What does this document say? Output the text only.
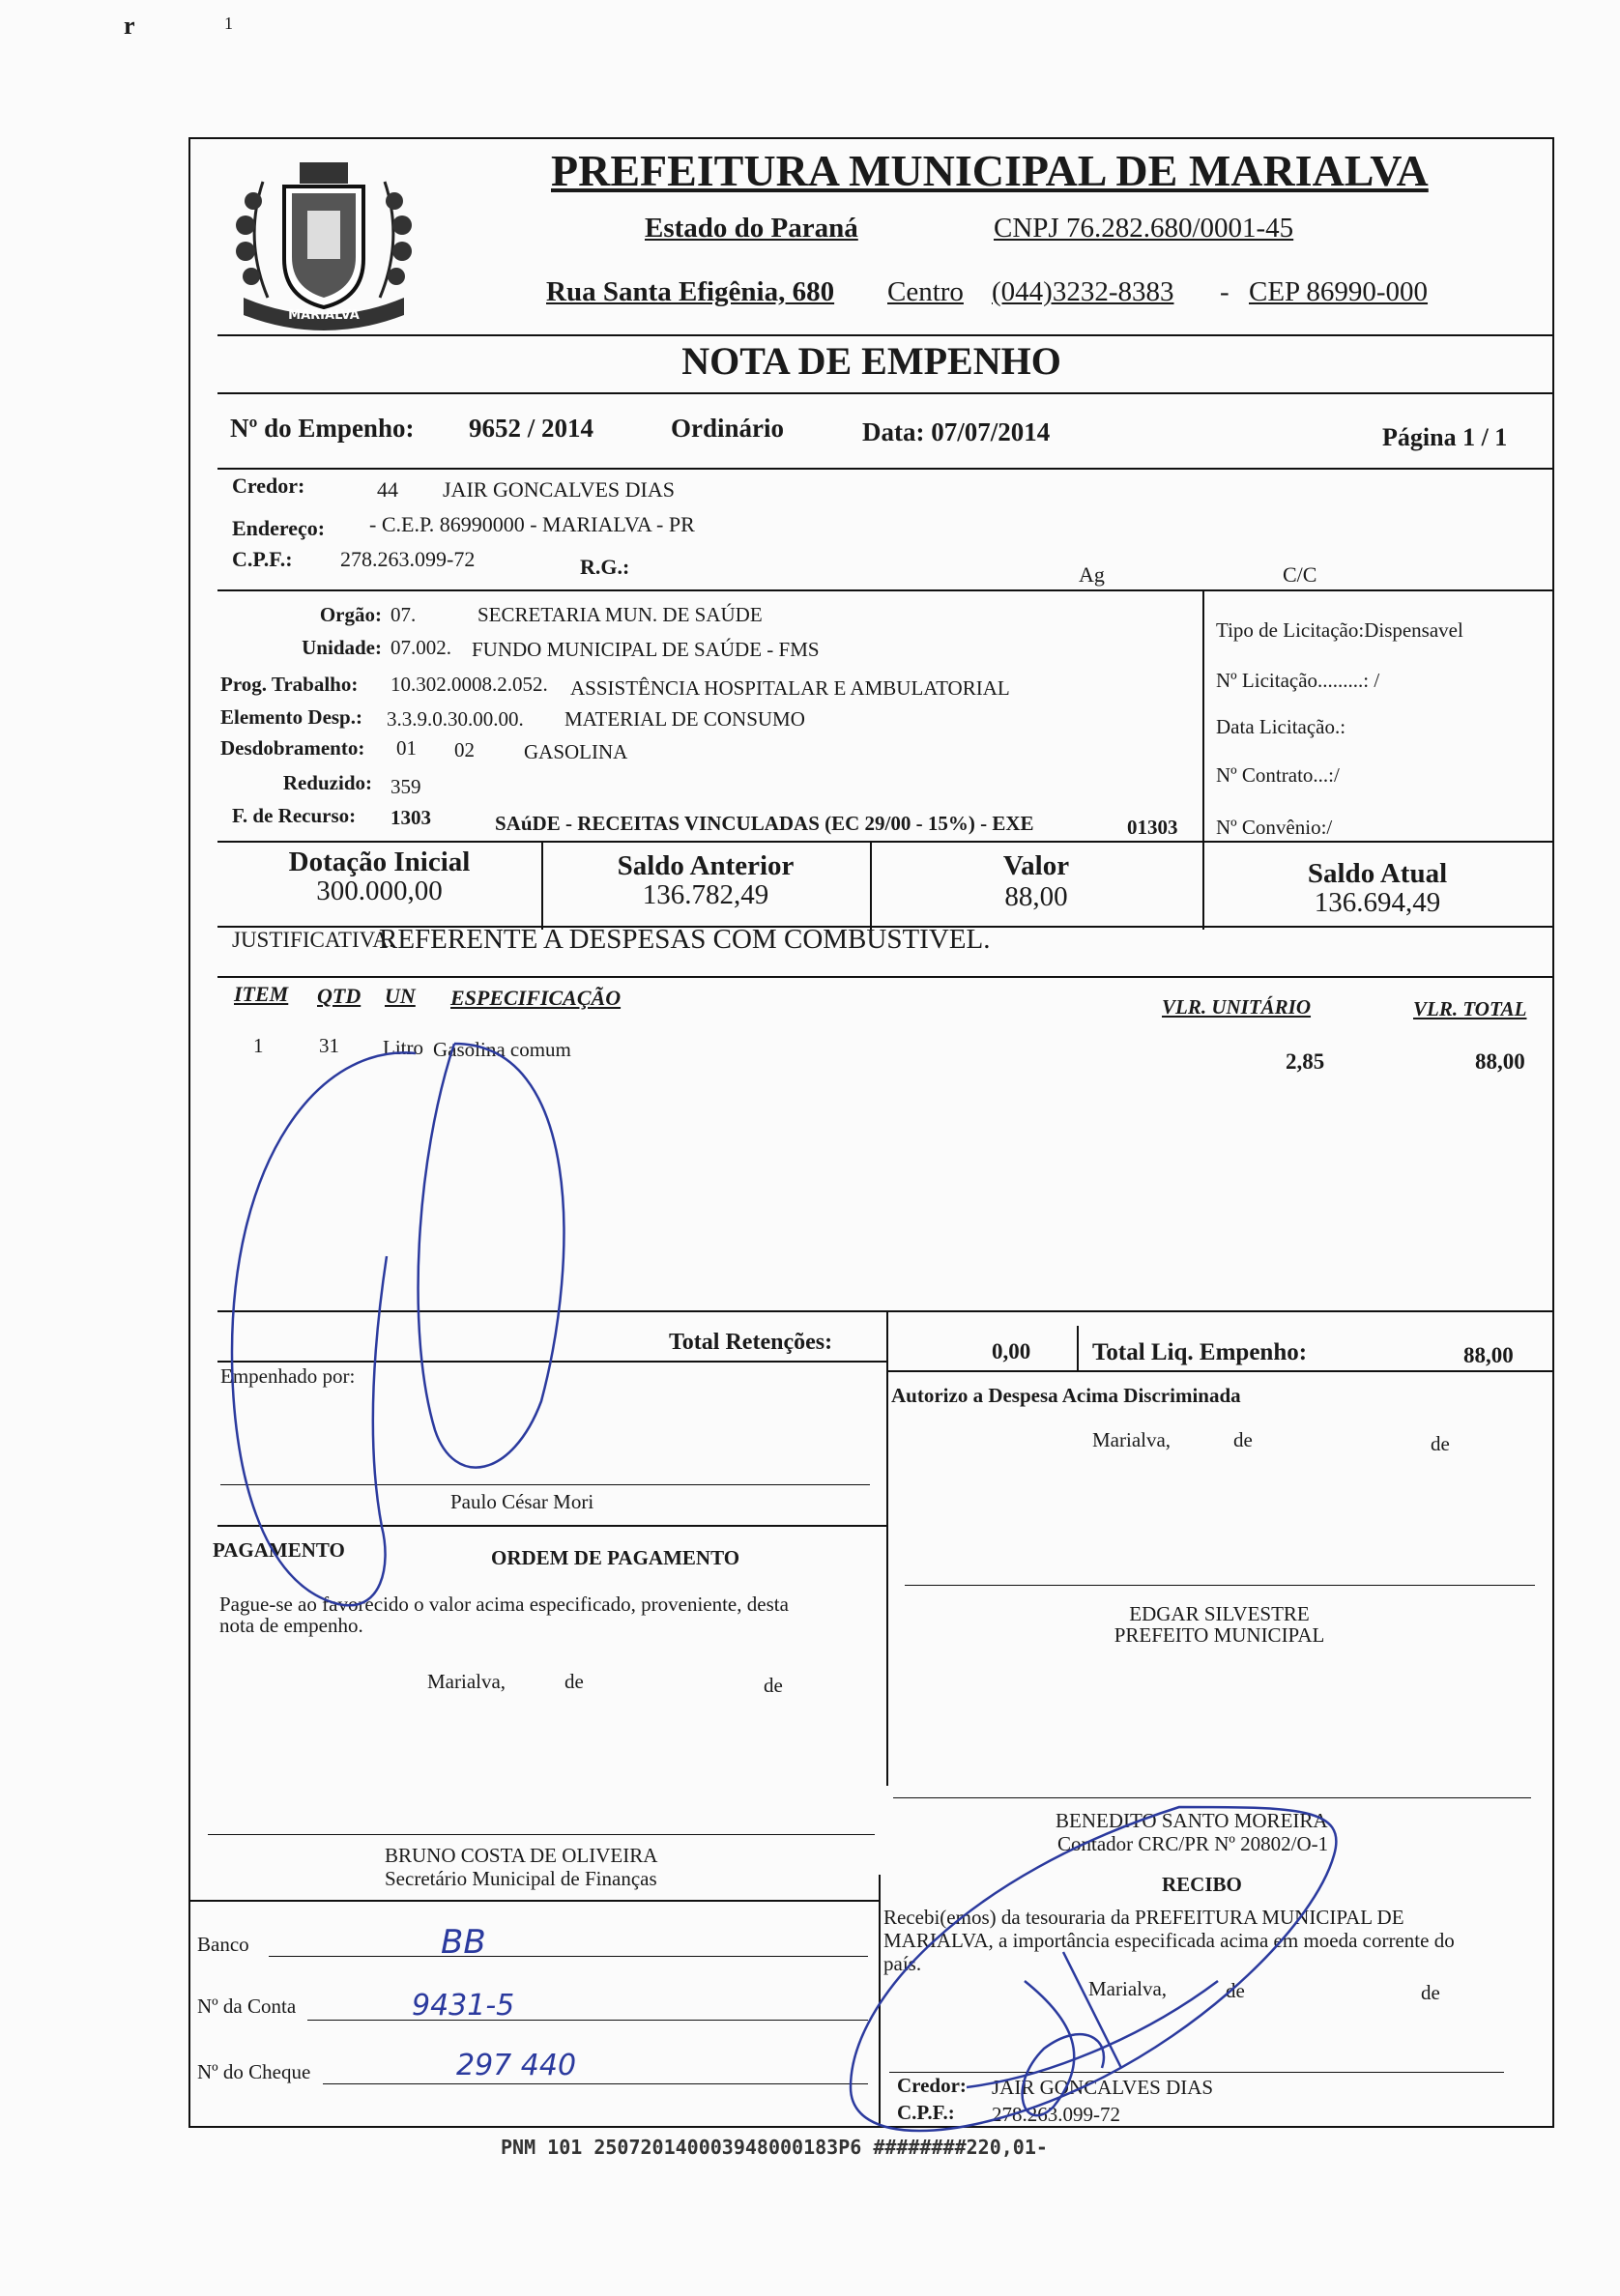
r	1
MARIALVA
PREFEITURA MUNICIPAL DE MARIALVA
Estado do Paraná	CNPJ 76.282.680/0001-45
Rua Santa Efigênia, 680 Centro (044)3232-8383 - CEP 86990-000
NOTA DE EMPENHO
Nº do Empenho: 9652 / 2014	Ordinário	Data: 07/07/2014	Página 1 / 1
Credor:	44 JAIR GONCALVES DIAS
Endereço: - C.E.P. 86990000 - MARIALVA - PR
C.P.F.: 278.263.099-72	R.G.:	Ag	C/C
Orgão: 07.	SECRETARIA MUN. DE SAÚDE
Unidade: 07.002. FUNDO MUNICIPAL DE SAÚDE - FMS
Prog. Trabalho: 10.302.0008.2.052. ASSISTÊNCIA HOSPITALAR E AMBULATORIAL
Elemento Desp.: 3.3.9.0.30.00.00. MATERIAL DE CONSUMO
Desdobramento: 01 02 GASOLINA
Reduzido: 359
F. de Recurso: 1303	SAúDE - RECEITAS VINCULADAS (EC 29/00 - 15%) - EXE	01303
Tipo de Licitação:Dispensavel
Nº Licitação.........: /
Data Licitação.:
Nº Contrato...:/
Nº Convênio:/
Dotação Inicial
300.000,00
Saldo Anterior
136.782,49
Valor
88,00
Saldo Atual
136.694,49
JUSTIFICATIVA:
REFERENTE A DESPESAS COM COMBUSTIVEL.
ITEM QTD UN ESPECIFICAÇÃO	VLR. UNITÁRIO	VLR. TOTAL
1	31 Litro Gasolina comum	2,85	88,00
Total Retenções:	0,00	Total Liq. Empenho:	88,00
Empenhado por:
Autorizo a Despesa Acima Discriminada
Marialva,	de	de
Paulo César Mori
EDGAR SILVESTRE
PREFEITO MUNICIPAL
PAGAMENTO	ORDEM DE PAGAMENTO
Pague-se ao favorecido o valor acima especificado, proveniente, desta
nota de empenho.
Marialva,	de	de
BRUNO COSTA DE OLIVEIRA
Secretário Municipal de Finanças
BENEDITO SANTO MOREIRA
Contador CRC/PR Nº 20802/O-1
Banco	BB
Nº da Conta	9431-5
Nº do Cheque	297 440
RECIBO
Recebi(emos) da tesouraria da PREFEITURA MUNICIPAL DE
MARIALVA, a importância especificada acima em moeda corrente do
país.
Marialva,	de	de
Credor: JAIR GONCALVES DIAS
C.P.F.: 278.263.099-72
PNM 101 250720140003948000183P6 ########220,01-
